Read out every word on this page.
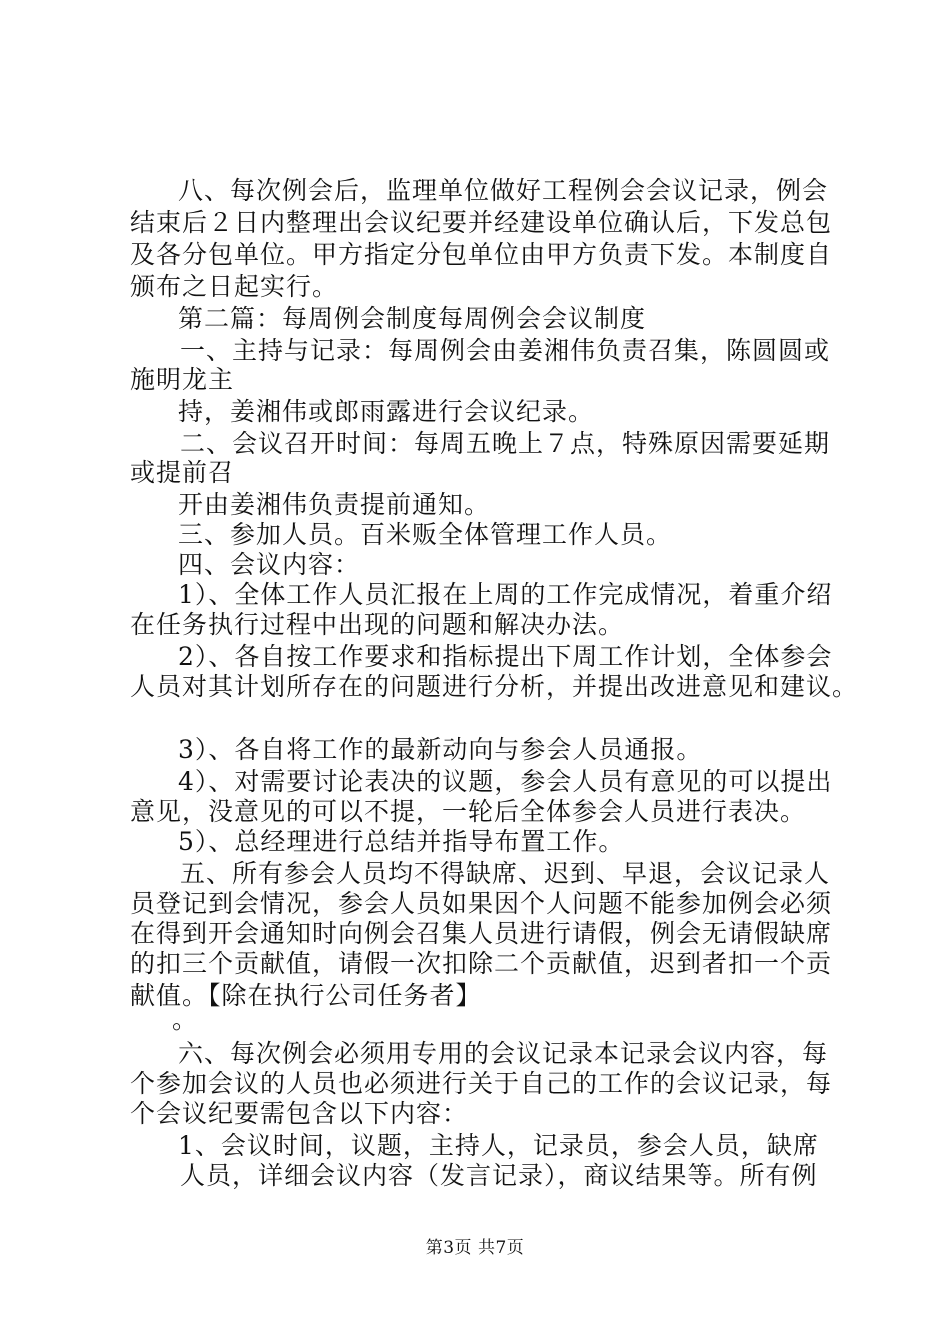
八、每次例会后，监理单位做好工程例会会议记录，例会
结束后２日内整理出会议纪要并经建设单位确认后，下发总包
及各分包单位。甲方指定分包单位由甲方负责下发。本制度自
颁布之日起实行。
第二篇：每周例会制度每周例会会议制度
一、主持与记录：每周例会由姜湘伟负责召集，陈圆圆或
施明龙主
持，姜湘伟或郎雨露进行会议纪录。
二、会议召开时间：每周五晚上７点，特殊原因需要延期
或提前召
开由姜湘伟负责提前通知。
三、参加人员。百米贩全体管理工作人员。
四、会议内容：
1）、全体工作人员汇报在上周的工作完成情况，着重介绍
在任务执行过程中出现的问题和解决办法。
2）、各自按工作要求和指标提出下周工作计划，全体参会
人员对其计划所存在的问题进行分析，并提出改进意见和建议。
3）、各自将工作的最新动向与参会人员通报。
4）、对需要讨论表决的议题，参会人员有意见的可以提出
意见，没意见的可以不提，一轮后全体参会人员进行表决。
5）、总经理进行总结并指导布置工作。
五、所有参会人员均不得缺席、迟到、早退，会议记录人
员登记到会情况，参会人员如果因个人问题不能参加例会必须
在得到开会通知时向例会召集人员进行请假，例会无请假缺席
的扣三个贡献值，请假一次扣除二个贡献值，迟到者扣一个贡
献值。【除在执行公司任务者】
。
六、每次例会必须用专用的会议记录本记录会议内容，每
个参加会议的人员也必须进行关于自己的工作的会议记录，每
个会议纪要需包含以下内容：
1、会议时间，议题，主持人，记录员，参会人员，缺席
人员，详细会议内容（发言记录），商议结果等。所有例
第3页 共7页
